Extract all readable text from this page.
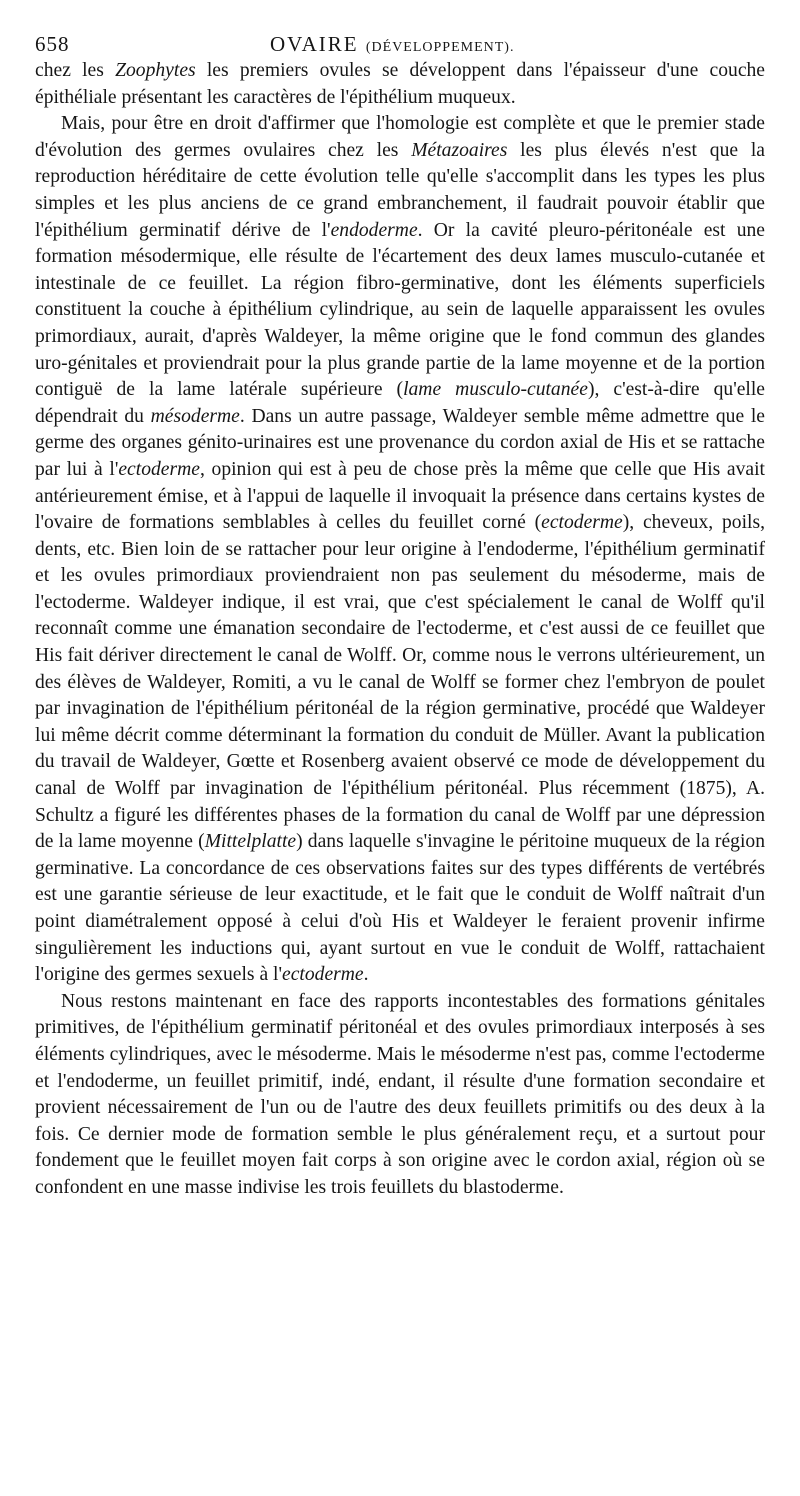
658	OVAIRE (DÉVELOPPEMENT).

chez les Zoophytes les premiers ovules se développent dans l'épaisseur d'une couche épithéliale présentant les caractères de l'épithélium muqueux.

Mais, pour être en droit d'affirmer que l'homologie est complète et que le premier stade d'évolution des germes ovulaires chez les Métazoaires les plus élevés n'est que la reproduction héréditaire de cette évolution telle qu'elle s'accomplit dans les types les plus simples et les plus anciens de ce grand embranchement, il faudrait pouvoir établir que l'épithélium germinatif dérive de l'endoderme. Or la cavité pleuro-péritonéale est une formation mésodermique, elle résulte de l'écartement des deux lames musculo-cutanée et intestinale de ce feuillet. La région fibro-germinative, dont les éléments superficiels constituent la couche à épithélium cylindrique, au sein de laquelle apparaissent les ovules primordiaux, aurait, d'après Waldeyer, la même origine que le fond commun des glandes uro-génitales et proviendrait pour la plus grande partie de la lame moyenne et de la portion contiguë de la lame latérale supérieure (lame musculo-cutanée), c'est-à-dire qu'elle dépendrait du mésoderme. Dans un autre passage, Waldeyer semble même admettre que le germe des organes génito-urinaires est une provenance du cordon axial de His et se rattache par lui à l'ectoderme, opinion qui est à peu de chose près la même que celle que His avait antérieurement émise, et à l'appui de laquelle il invoquait la présence dans certains kystes de l'ovaire de formations semblables à celles du feuillet corné (ectoderme), cheveux, poils, dents, etc. Bien loin de se rattacher pour leur origine à l'endoderme, l'épithélium germinatif et les ovules primordiaux proviendraient non pas seulement du mésoderme, mais de l'ectoderme. Waldeyer indique, il est vrai, que c'est spécialement le canal de Wolff qu'il reconnaît comme une émanation secondaire de l'ectoderme, et c'est aussi de ce feuillet que His fait dériver directement le canal de Wolff. Or, comme nous le verrons ultérieurement, un des élèves de Waldeyer, Romiti, a vu le canal de Wolff se former chez l'embryon de poulet par invagination de l'épithélium péritonéal de la région germinative, procédé que Waldeyer lui même décrit comme déterminant la formation du conduit de Müller. Avant la publication du travail de Waldeyer, Gœtte et Rosenberg avaient observé ce mode de développement du canal de Wolff par invagination de l'épithélium péritonéal. Plus récemment (1875), A. Schultz a figuré les différentes phases de la formation du canal de Wolff par une dépression de la lame moyenne (Mittelplatte) dans laquelle s'invagine le péritoine muqueux de la région germinative. La concordance de ces observations faites sur des types différents de vertébrés est une garantie sérieuse de leur exactitude, et le fait que le conduit de Wolff naîtrait d'un point diamétralement opposé à celui d'où His et Waldeyer le feraient provenir infirme singulièrement les inductions qui, ayant surtout en vue le conduit de Wolff, rattachaient l'origine des germes sexuels à l'ectoderme.

Nous restons maintenant en face des rapports incontestables des formations génitales primitives, de l'épithélium germinatif péritonéal et des ovules primordiaux interposés à ses éléments cylindriques, avec le mésoderme. Mais le mésoderme n'est pas, comme l'ectoderme et l'endoderme, un feuillet primitif, indé, endant, il résulte d'une formation secondaire et provient nécessairement de l'un ou de l'autre des deux feuillets primitifs ou des deux à la fois. Ce dernier mode de formation semble le plus généralement reçu, et a surtout pour fondement que le feuillet moyen fait corps à son origine avec le cordon axial, région où se confondent en une masse indivise les trois feuillets du blastoderme.
